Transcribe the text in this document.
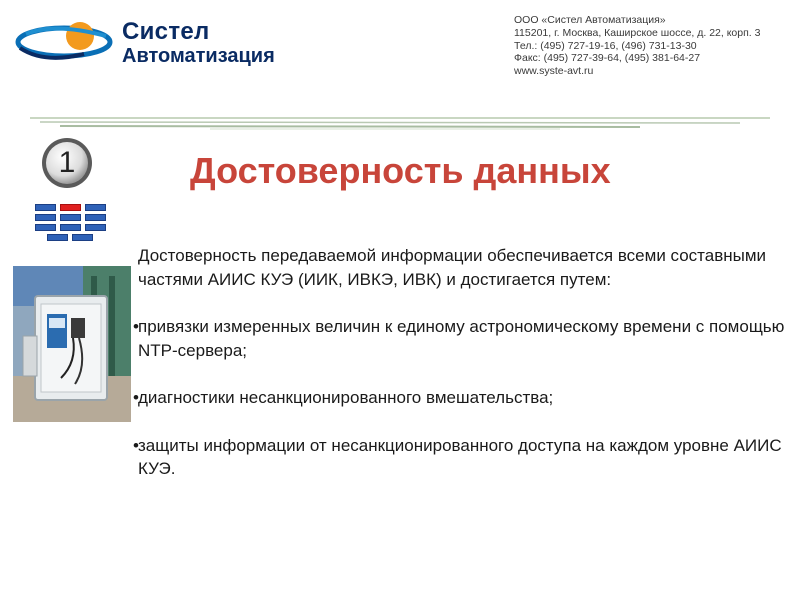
Систел
Автоматизация
ООО «Систел Автоматизация»
115201, г. Москва, Каширское шоссе, д. 22, корп. 3
Тел.: (495) 727-19-16, (496) 731-13-30
Факс: (495) 727-39-64, (495) 381-64-27
www.syste-avt.ru
1	Достоверность данных

Достоверность передаваемой информации обеспечивается всеми составными частями АИИС КУЭ (ИИК, ИВКЭ, ИВК) и достигается путем:

• привязки измеренных величин к единому астрономическому времени с помощью NTP-сервера;

• диагностики несанкционированного вмешательства;

• защиты информации от несанкционированного доступа на каждом уровне АИИС КУЭ.
